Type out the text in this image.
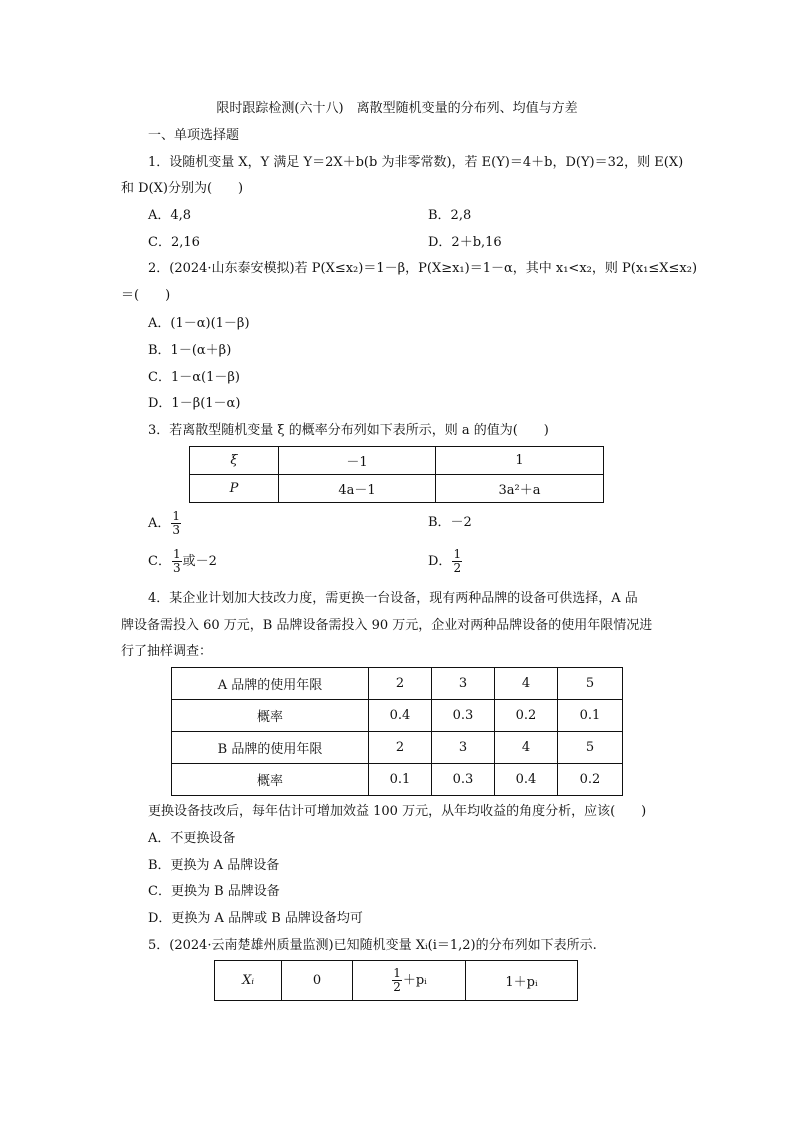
限时跟踪检测(六十八)　离散型随机变量的分布列、均值与方差
一、单项选择题
1．设随机变量 X，Y 满足 Y＝2X＋b(b 为非零常数)，若 E(Y)＝4＋b，D(Y)＝32，则 E(X)
和 D(X)分别为(　　)
A．4,8	B．2,8
C．2,16	D．2＋b,16
2．(2024·山东泰安模拟)若 P(X≤x₂)＝1－β，P(X≥x₁)＝1－α，其中 x₁<x₂，则 P(x₁≤X≤x₂)
＝(　　)
A．(1－α)(1－β)
B．1－(α＋β)
C．1－α(1－β)
D．1－β(1－α)
3．若离散型随机变量 ξ 的概率分布列如下表所示，则 a 的值为(　　)
ξ	－1	1
P	4a－1	3a²＋a
A． $\frac{1}{3}$	B．－2
C． $\frac{1}{3}$ 或－2	D． $\frac{1}{2}$
4．某企业计划加大技改力度，需更换一台设备，现有两种品牌的设备可供选择，A 品
牌设备需投入 60 万元，B 品牌设备需投入 90 万元，企业对两种品牌设备的使用年限情况进
行了抽样调查：
A 品牌的使用年限	2	3	4	5
概率	0.4	0.3	0.2	0.1
B 品牌的使用年限	2	3	4	5
概率	0.1	0.3	0.4	0.2
更换设备技改后，每年估计可增加效益 100 万元，从年均收益的角度分析，应该(　　)
A．不更换设备
B．更换为 A 品牌设备
C．更换为 B 品牌设备
D．更换为 A 品牌或 B 品牌设备均可
5．(2024·云南楚雄州质量监测)已知随机变量 Xᵢ(i＝1,2)的分布列如下表所示.
Xᵢ	0	$\frac{1}{2}$ ＋pᵢ	1＋pᵢ
